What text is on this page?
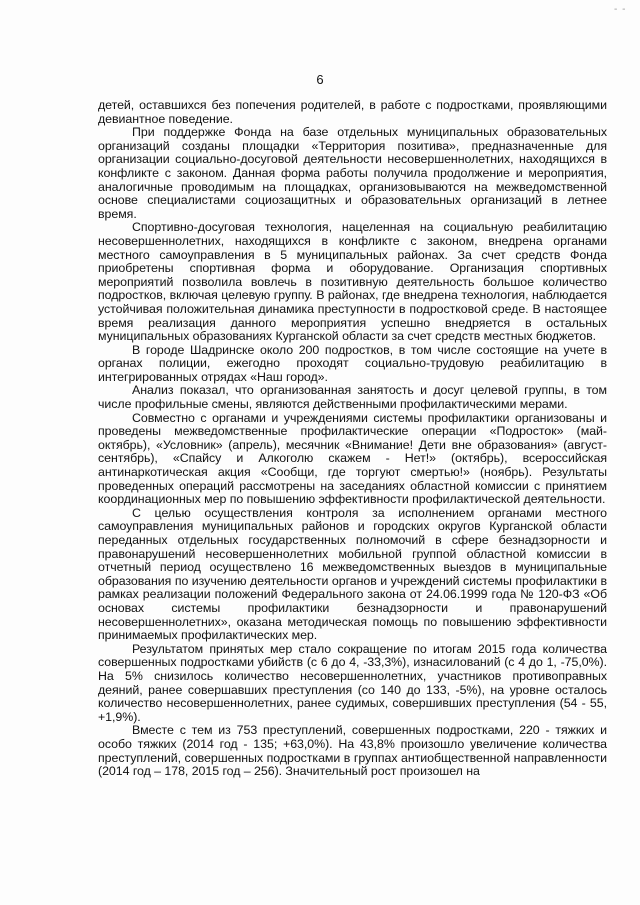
- -
6

детей, оставшихся без попечения родителей, в работе с подростками, проявляющими девиантное поведение.

При поддержке Фонда на базе отдельных муниципальных образовательных организаций созданы площадки «Территория позитива», предназначенные для организации социально-досуговой деятельности несовершеннолетних, находящихся в конфликте с законом. Данная форма работы получила продолжение и мероприятия, аналогичные проводимым на площадках, организовываются на межведомственной основе специалистами социозащитных и образовательных организаций в летнее время.

Спортивно-досуговая технология, нацеленная на социальную реабилитацию несовершеннолетних, находящихся в конфликте с законом, внедрена органами местного самоуправления в 5 муниципальных районах. За счет средств Фонда приобретены спортивная форма и оборудование. Организация спортивных мероприятий позволила вовлечь в позитивную деятельность большое количество подростков, включая целевую группу. В районах, где внедрена технология, наблюдается устойчивая положительная динамика преступности в подростковой среде. В настоящее время реализация данного мероприятия успешно внедряется в остальных муниципальных образованиях Курганской области за счет средств местных бюджетов.

В городе Шадринске около 200 подростков, в том числе состоящие на учете в органах полиции, ежегодно проходят социально-трудовую реабилитацию в интегрированных отрядах «Наш город».

Анализ показал, что организованная занятость и досуг целевой группы, в том числе профильные смены, являются действенными профилактическими мерами.

Совместно с органами и учреждениями системы профилактики организованы и проведены межведомственные профилактические операции «Подросток» (май-октябрь), «Условник» (апрель), месячник «Внимание! Дети вне образования» (август-сентябрь), «Спайсу и Алкоголю скажем - Нет!» (октябрь), всероссийская антинаркотическая акция «Сообщи, где торгуют смертью!» (ноябрь). Результаты проведенных операций рассмотрены на заседаниях областной комиссии с принятием координационных мер по повышению эффективности профилактической деятельности.

С целью осуществления контроля за исполнением органами местного самоуправления муниципальных районов и городских округов Курганской области переданных отдельных государственных полномочий в сфере безнадзорности и правонарушений несовершеннолетних мобильной группой областной комиссии в отчетный период осуществлено 16 межведомственных выездов в муниципальные образования по изучению деятельности органов и учреждений системы профилактики в рамках реализации положений Федерального закона от 24.06.1999 года № 120-ФЗ «Об основах системы профилактики безнадзорности и правонарушений несовершеннолетних», оказана методическая помощь по повышению эффективности принимаемых профилактических мер.

Результатом принятых мер стало сокращение по итогам 2015 года количества совершенных подростками убийств (с 6 до 4, -33,3%), изнасилований (с 4 до 1, -75,0%). На 5% снизилось количество несовершеннолетних, участников противоправных деяний, ранее совершавших преступления (со 140 до 133, -5%), на уровне осталось количество несовершеннолетних, ранее судимых, совершивших преступления (54 - 55, +1,9%).

Вместе с тем из 753 преступлений, совершенных подростками, 220 - тяжких и особо тяжких (2014 год - 135; +63,0%). На 43,8% произошло увеличение количества преступлений, совершенных подростками в группах антиобщественной направленности (2014 год – 178, 2015 год – 256). Значительный рост произошел на
